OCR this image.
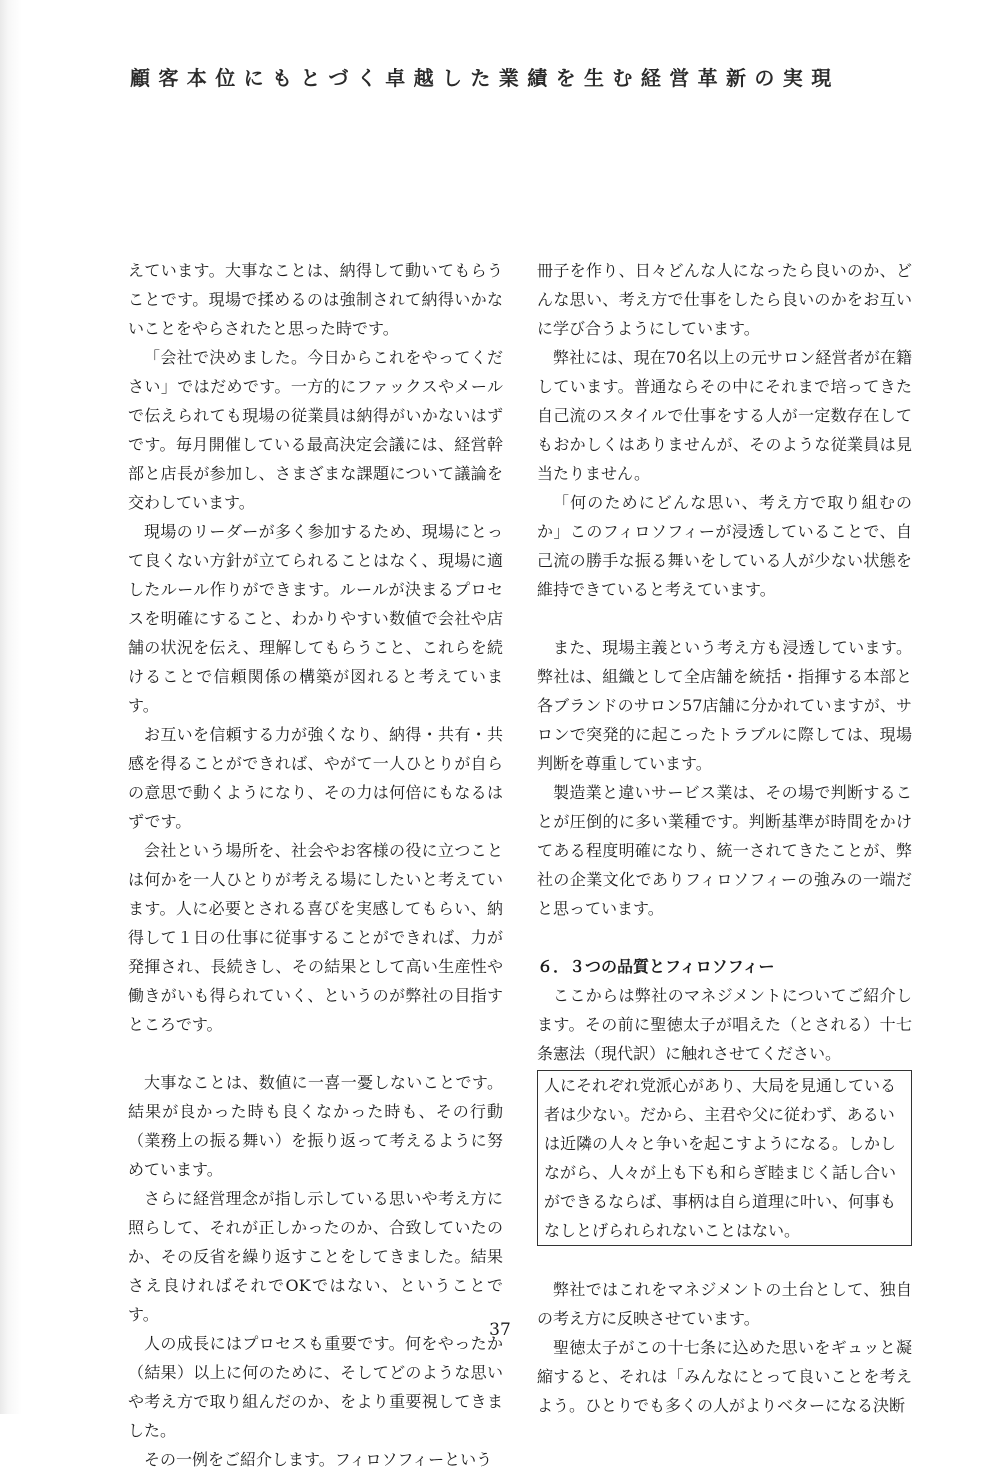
顧客本位にもとづく卓越した業績を生む経営革新の実現

えています。大事なことは、納得して動いてもらうことです。現場で揉めるのは強制されて納得いかないことをやらされたと思った時です。

「会社で決めました。今日からこれをやってください」ではだめです。一方的にファックスやメールで伝えられても現場の従業員は納得がいかないはずです。毎月開催している最高決定会議には、経営幹部と店長が参加し、さまざまな課題について議論を交わしています。

現場のリーダーが多く参加するため、現場にとって良くない方針が立てられることはなく、現場に適したルール作りができます。ルールが決まるプロセスを明確にすること、わかりやすい数値で会社や店舗の状況を伝え、理解してもらうこと、これらを続けることで信頼関係の構築が図れると考えています。

お互いを信頼する力が強くなり、納得・共有・共感を得ることができれば、やがて一人ひとりが自らの意思で動くようになり、その力は何倍にもなるはずです。

会社という場所を、社会やお客様の役に立つことは何かを一人ひとりが考える場にしたいと考えています。人に必要とされる喜びを実感してもらい、納得して１日の仕事に従事することができれば、力が発揮され、長続きし、その結果として高い生産性や働きがいも得られていく、というのが弊社の目指すところです。

大事なことは、数値に一喜一憂しないことです。結果が良かった時も良くなかった時も、その行動（業務上の振る舞い）を振り返って考えるように努めています。

さらに経営理念が指し示している思いや考え方に照らして、それが正しかったのか、合致していたのか、その反省を繰り返すことをしてきました。結果さえ良ければそれでOKではない、ということです。

人の成長にはプロセスも重要です。何をやったか（結果）以上に何のために、そしてどのような思いや考え方で取り組んだのか、をより重要視してきました。

その一例をご紹介します。フィロソフィーという

冊子を作り、日々どんな人になったら良いのか、どんな思い、考え方で仕事をしたら良いのかをお互いに学び合うようにしています。

弊社には、現在70名以上の元サロン経営者が在籍しています。普通ならその中にそれまで培ってきた自己流のスタイルで仕事をする人が一定数存在してもおかしくはありませんが、そのような従業員は見当たりません。

「何のためにどんな思い、考え方で取り組むのか」このフィロソフィーが浸透していることで、自己流の勝手な振る舞いをしている人が少ない状態を維持できていると考えています。

また、現場主義という考え方も浸透しています。弊社は、組織として全店舗を統括・指揮する本部と各ブランドのサロン57店舗に分かれていますが、サロンで突発的に起こったトラブルに際しては、現場判断を尊重しています。

製造業と違いサービス業は、その場で判断することが圧倒的に多い業種です。判断基準が時間をかけてある程度明確になり、統一されてきたことが、弊社の企業文化でありフィロソフィーの強みの一端だと思っています。

６．３つの品質とフィロソフィー

ここからは弊社のマネジメントについてご紹介します。その前に聖徳太子が唱えた（とされる）十七条憲法（現代訳）に触れさせてください。

人にそれぞれ党派心があり、大局を見通している者は少ない。だから、主君や父に従わず、あるいは近隣の人々と争いを起こすようになる。しかしながら、人々が上も下も和らぎ睦まじく話し合いができるならば、事柄は自ら道理に叶い、何事もなしとげられられないことはない。

弊社ではこれをマネジメントの土台として、独自の考え方に反映させています。

聖徳太子がこの十七条に込めた思いをギュッと凝縮すると、それは「みんなにとって良いことを考えよう。ひとりでも多くの人がよりベターになる決断

37
